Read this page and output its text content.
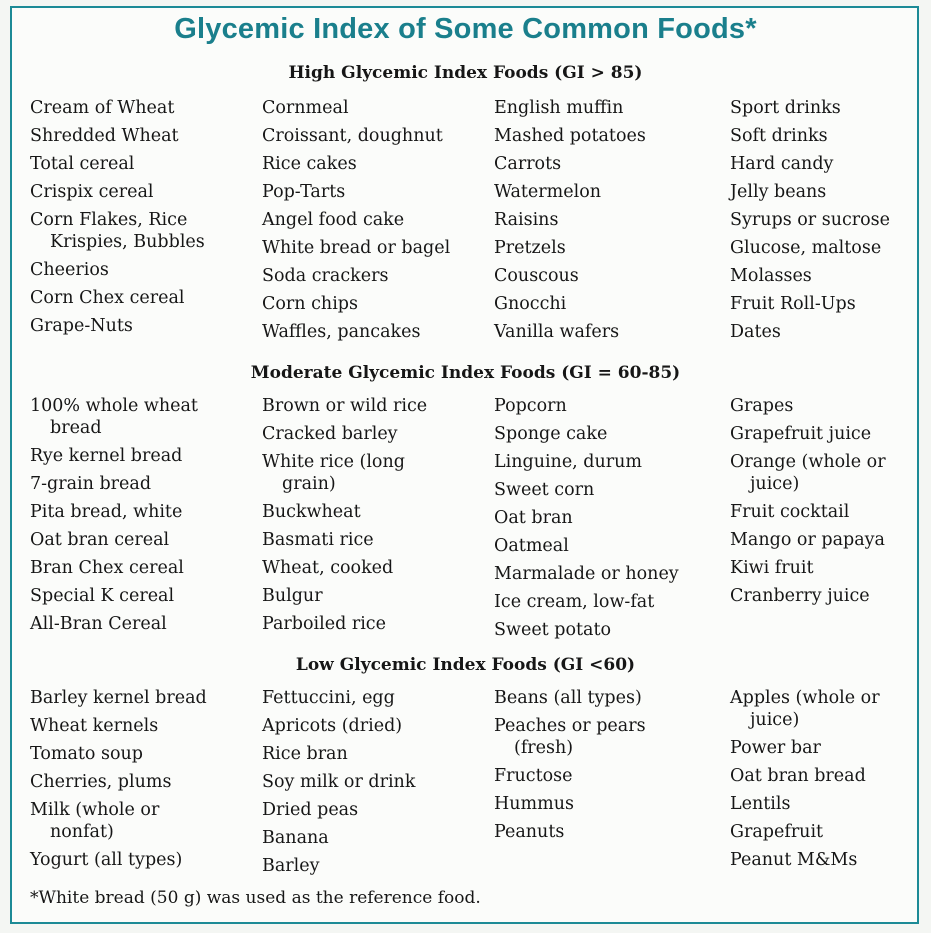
Glycemic Index of Some Common Foods*
High Glycemic Index Foods (GI > 85)
Cream of Wheat
Shredded Wheat
Total cereal
Crispix cereal
Corn Flakes, Rice
Krispies, Bubbles
Cheerios
Corn Chex cereal
Grape-Nuts
Cornmeal
Croissant, doughnut
Rice cakes
Pop-Tarts
Angel food cake
White bread or bagel
Soda crackers
Corn chips
Waffles, pancakes
English muffin
Mashed potatoes
Carrots
Watermelon
Raisins
Pretzels
Couscous
Gnocchi
Vanilla wafers
Sport drinks
Soft drinks
Hard candy
Jelly beans
Syrups or sucrose
Glucose, maltose
Molasses
Fruit Roll-Ups
Dates
Moderate Glycemic Index Foods (GI = 60-85)
100% whole wheat
bread
Rye kernel bread
7-grain bread
Pita bread, white
Oat bran cereal
Bran Chex cereal
Special K cereal
All-Bran Cereal
Brown or wild rice
Cracked barley
White rice (long
grain)
Buckwheat
Basmati rice
Wheat, cooked
Bulgur
Parboiled rice
Popcorn
Sponge cake
Linguine, durum
Sweet corn
Oat bran
Oatmeal
Marmalade or honey
Ice cream, low-fat
Sweet potato
Grapes
Grapefruit juice
Orange (whole or
juice)
Fruit cocktail
Mango or papaya
Kiwi fruit
Cranberry juice
Low Glycemic Index Foods (GI <60)
Barley kernel bread
Wheat kernels
Tomato soup
Cherries, plums
Milk (whole or
nonfat)
Yogurt (all types)
Fettuccini, egg
Apricots (dried)
Rice bran
Soy milk or drink
Dried peas
Banana
Barley
Beans (all types)
Peaches or pears
(fresh)
Fructose
Hummus
Peanuts
Apples (whole or
juice)
Power bar
Oat bran bread
Lentils
Grapefruit
Peanut M&Ms
*White bread (50 g) was used as the reference food.
